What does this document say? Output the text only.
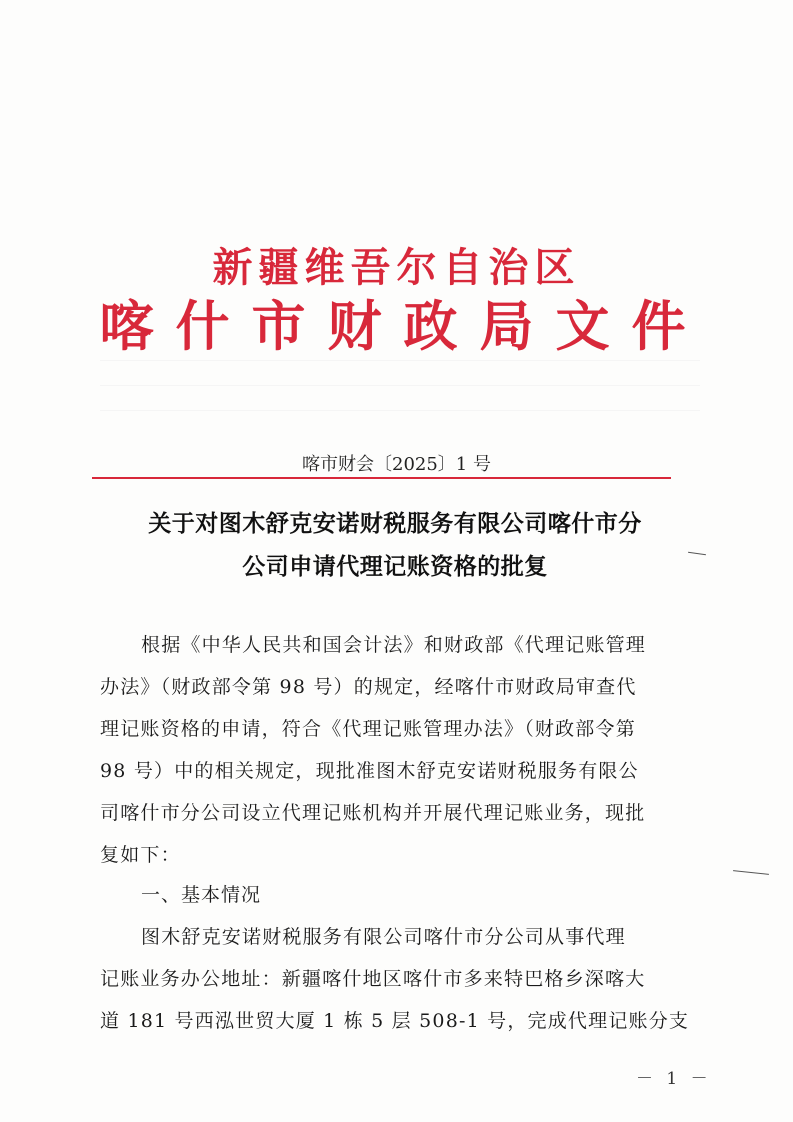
新疆维吾尔自治区
喀什市财政局文件
喀市财会〔2025〕1 号
关于对图木舒克安诺财税服务有限公司喀什市分
公司申请代理记账资格的批复
根据《中华人民共和国会计法》和财政部《代理记账管理
办法》（财政部令第 98 号）的规定，经喀什市财政局审查代
理记账资格的申请，符合《代理记账管理办法》（财政部令第
98 号）中的相关规定，现批准图木舒克安诺财税服务有限公
司喀什市分公司设立代理记账机构并开展代理记账业务，现批
复如下：
一、基本情况
图木舒克安诺财税服务有限公司喀什市分公司从事代理
记账业务办公地址：新疆喀什地区喀什市多来特巴格乡深喀大
道 181 号西泓世贸大厦 1 栋 5 层 508-1 号，完成代理记账分支
－ 1 －
